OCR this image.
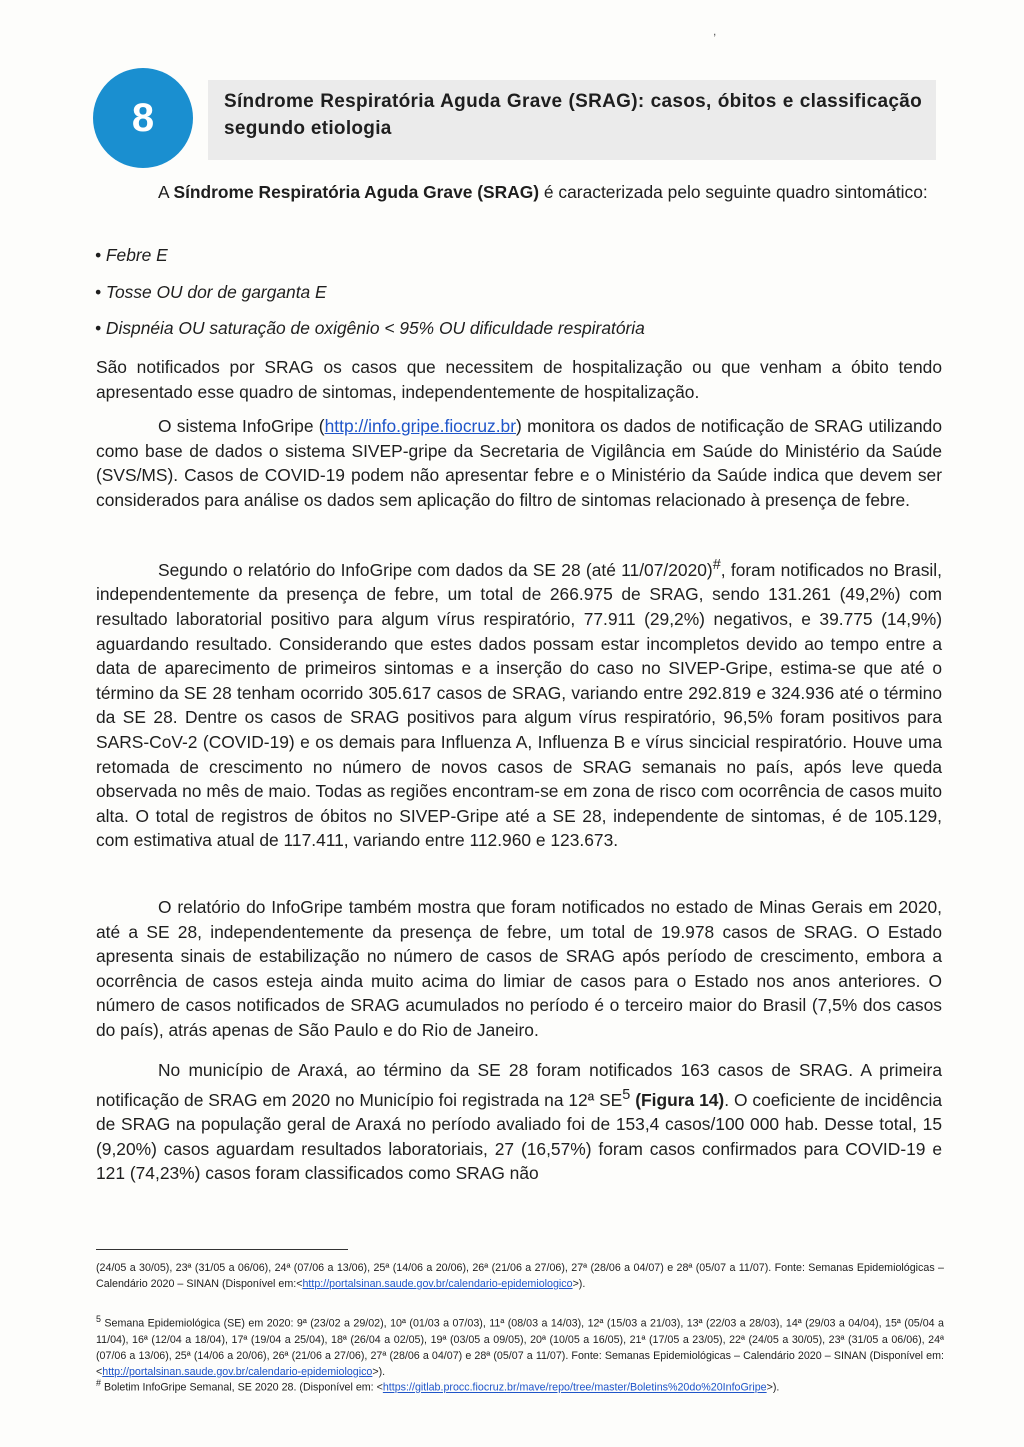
,
8	Síndrome Respiratória Aguda Grave (SRAG): casos, óbitos e classificação segundo etiologia

A Síndrome Respiratória Aguda Grave (SRAG) é caracterizada pelo seguinte quadro sintomático:

• Febre E

• Tosse OU dor de garganta E

• Dispnéia OU saturação de oxigênio < 95% OU dificuldade respiratória

São notificados por SRAG os casos que necessitem de hospitalização ou que venham a óbito tendo apresentado esse quadro de sintomas, independentemente de hospitalização.

O sistema InfoGripe (http://info.gripe.fiocruz.br) monitora os dados de notificação de SRAG utilizando como base de dados o sistema SIVEP-gripe da Secretaria de Vigilância em Saúde do Ministério da Saúde (SVS/MS). Casos de COVID-19 podem não apresentar febre e o Ministério da Saúde indica que devem ser considerados para análise os dados sem aplicação do filtro de sintomas relacionado à presença de febre.

Segundo o relatório do InfoGripe com dados da SE 28 (até 11/07/2020)#, foram notificados no Brasil, independentemente da presença de febre, um total de 266.975 de SRAG, sendo 131.261 (49,2%) com resultado laboratorial positivo para algum vírus respiratório, 77.911 (29,2%) negativos, e 39.775 (14,9%) aguardando resultado. Considerando que estes dados possam estar incompletos devido ao tempo entre a data de aparecimento de primeiros sintomas e a inserção do caso no SIVEP-Gripe, estima-se que até o término da SE 28 tenham ocorrido 305.617 casos de SRAG, variando entre 292.819 e 324.936 até o término da SE 28. Dentre os casos de SRAG positivos para algum vírus respiratório, 96,5% foram positivos para SARS-CoV-2 (COVID-19) e os demais para Influenza A, Influenza B e vírus sincicial respiratório. Houve uma retomada de crescimento no número de novos casos de SRAG semanais no país, após leve queda observada no mês de maio. Todas as regiões encontram-se em zona de risco com ocorrência de casos muito alta. O total de registros de óbitos no SIVEP-Gripe até a SE 28, independente de sintomas, é de 105.129, com estimativa atual de 117.411, variando entre 112.960 e 123.673.

O relatório do InfoGripe também mostra que foram notificados no estado de Minas Gerais em 2020, até a SE 28, independentemente da presença de febre, um total de 19.978 casos de SRAG. O Estado apresenta sinais de estabilização no número de casos de SRAG após período de crescimento, embora a ocorrência de casos esteja ainda muito acima do limiar de casos para o Estado nos anos anteriores. O número de casos notificados de SRAG acumulados no período é o terceiro maior do Brasil (7,5% dos casos do país), atrás apenas de São Paulo e do Rio de Janeiro.

No município de Araxá, ao término da SE 28 foram notificados 163 casos de SRAG. A primeira notificação de SRAG em 2020 no Município foi registrada na 12ª $SE^5$ (Figura 14). O coeficiente de incidência de SRAG na população geral de Araxá no período avaliado foi de 153,4 casos/100 000 hab. Desse total, 15 (9,20%) casos aguardam resultados laboratoriais, 27 (16,57%) foram casos confirmados para COVID-19 e 121 (74,23%) casos foram classificados como SRAG não

(24/05 a 30/05), 23ª (31/05 a 06/06), 24ª (07/06 a 13/06), 25ª (14/06 a 20/06), 26ª (21/06 a 27/06), 27ª (28/06 a 04/07) e 28ª (05/07 a 11/07). Fonte: Semanas Epidemiológicas – Calendário 2020 – SINAN (Disponível em:<http://portalsinan.saude.gov.br/calendario-epidemiologico>).

$^5$ Semana Epidemiológica (SE) em 2020: 9ª (23/02 a 29/02), 10ª (01/03 a 07/03), 11ª (08/03 a 14/03), 12ª (15/03 a 21/03), 13ª (22/03 a 28/03), 14ª (29/03 a 04/04), 15ª (05/04 a 11/04), 16ª (12/04 a 18/04), 17ª (19/04 a 25/04), 18ª (26/04 a 02/05), 19ª (03/05 a 09/05), 20ª (10/05 a 16/05), 21ª (17/05 a 23/05), 22ª (24/05 a 30/05), 23ª (31/05 a 06/06), 24ª (07/06 a 13/06), 25ª (14/06 a 20/06), 26ª (21/06 a 27/06), 27ª (28/06 a 04/07) e 28ª (05/07 a 11/07). Fonte: Semanas Epidemiológicas – Calendário 2020 – SINAN (Disponível em:<http://portalsinan.saude.gov.br/calendario-epidemiologico>).

# Boletim InfoGripe Semanal, SE 2020 28. (Disponível em: <https://gitlab.procc.fiocruz.br/mave/repo/tree/master/Boletins%20do%20InfoGripe>).
